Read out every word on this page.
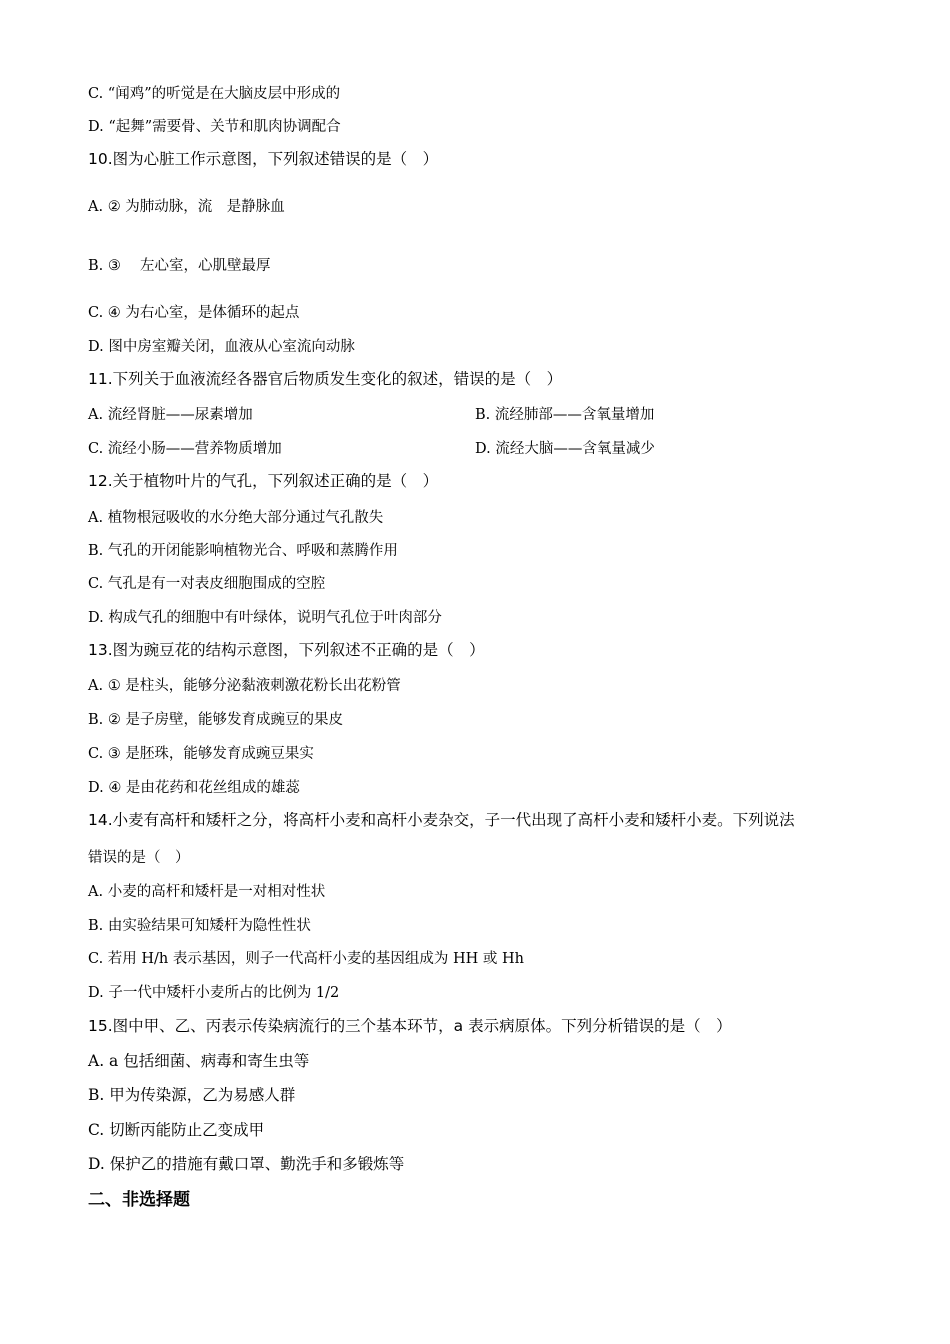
C. “闻鸡”的听觉是在大脑皮层中形成的
D. “起舞”需要骨、关节和肌肉协调配合
10.图为心脏工作示意图，下列叙述错误的是（　）
A. ② 为肺动脉，流　是静脉血
B. ③　 左心室，心肌壁最厚
C. ④ 为右心室，是体循环的起点
D. 图中房室瓣关闭，血液从心室流向动脉
11.下列关于血液流经各器官后物质发生变化的叙述，错误的是（　）
A. 流经肾脏——尿素增加	B. 流经肺部——含氧量增加
C. 流经小肠——营养物质增加	D. 流经大脑——含氧量减少
12.关于植物叶片的气孔，下列叙述正确的是（　）
A. 植物根冠吸收的水分绝大部分通过气孔散失
B. 气孔的开闭能影响植物光合、呼吸和蒸腾作用
C. 气孔是有一对表皮细胞围成的空腔
D. 构成气孔的细胞中有叶绿体，说明气孔位于叶肉部分
13.图为豌豆花的结构示意图，下列叙述不正确的是（　）
A. ① 是柱头，能够分泌黏液刺激花粉长出花粉管
B. ② 是子房壁，能够发育成豌豆的果皮
C. ③ 是胚珠，能够发育成豌豆果实
D. ④ 是由花药和花丝组成的雄蕊
14.小麦有高杆和矮杆之分，将高杆小麦和高杆小麦杂交，子一代出现了高杆小麦和矮杆小麦。下列说法
错误的是（　）
A. 小麦的高杆和矮杆是一对相对性状
B. 由实验结果可知矮杆为隐性性状
C. 若用 H/h 表示基因，则子一代高杆小麦的基因组成为 HH 或 Hh
D. 子一代中矮杆小麦所占的比例为 1/2
15.图中甲、乙、丙表示传染病流行的三个基本环节，a 表示病原体。下列分析错误的是（　）
A. a 包括细菌、病毒和寄生虫等
B. 甲为传染源，乙为易感人群
C. 切断丙能防止乙变成甲
D. 保护乙的措施有戴口罩、勤洗手和多锻炼等
二、非选择题
